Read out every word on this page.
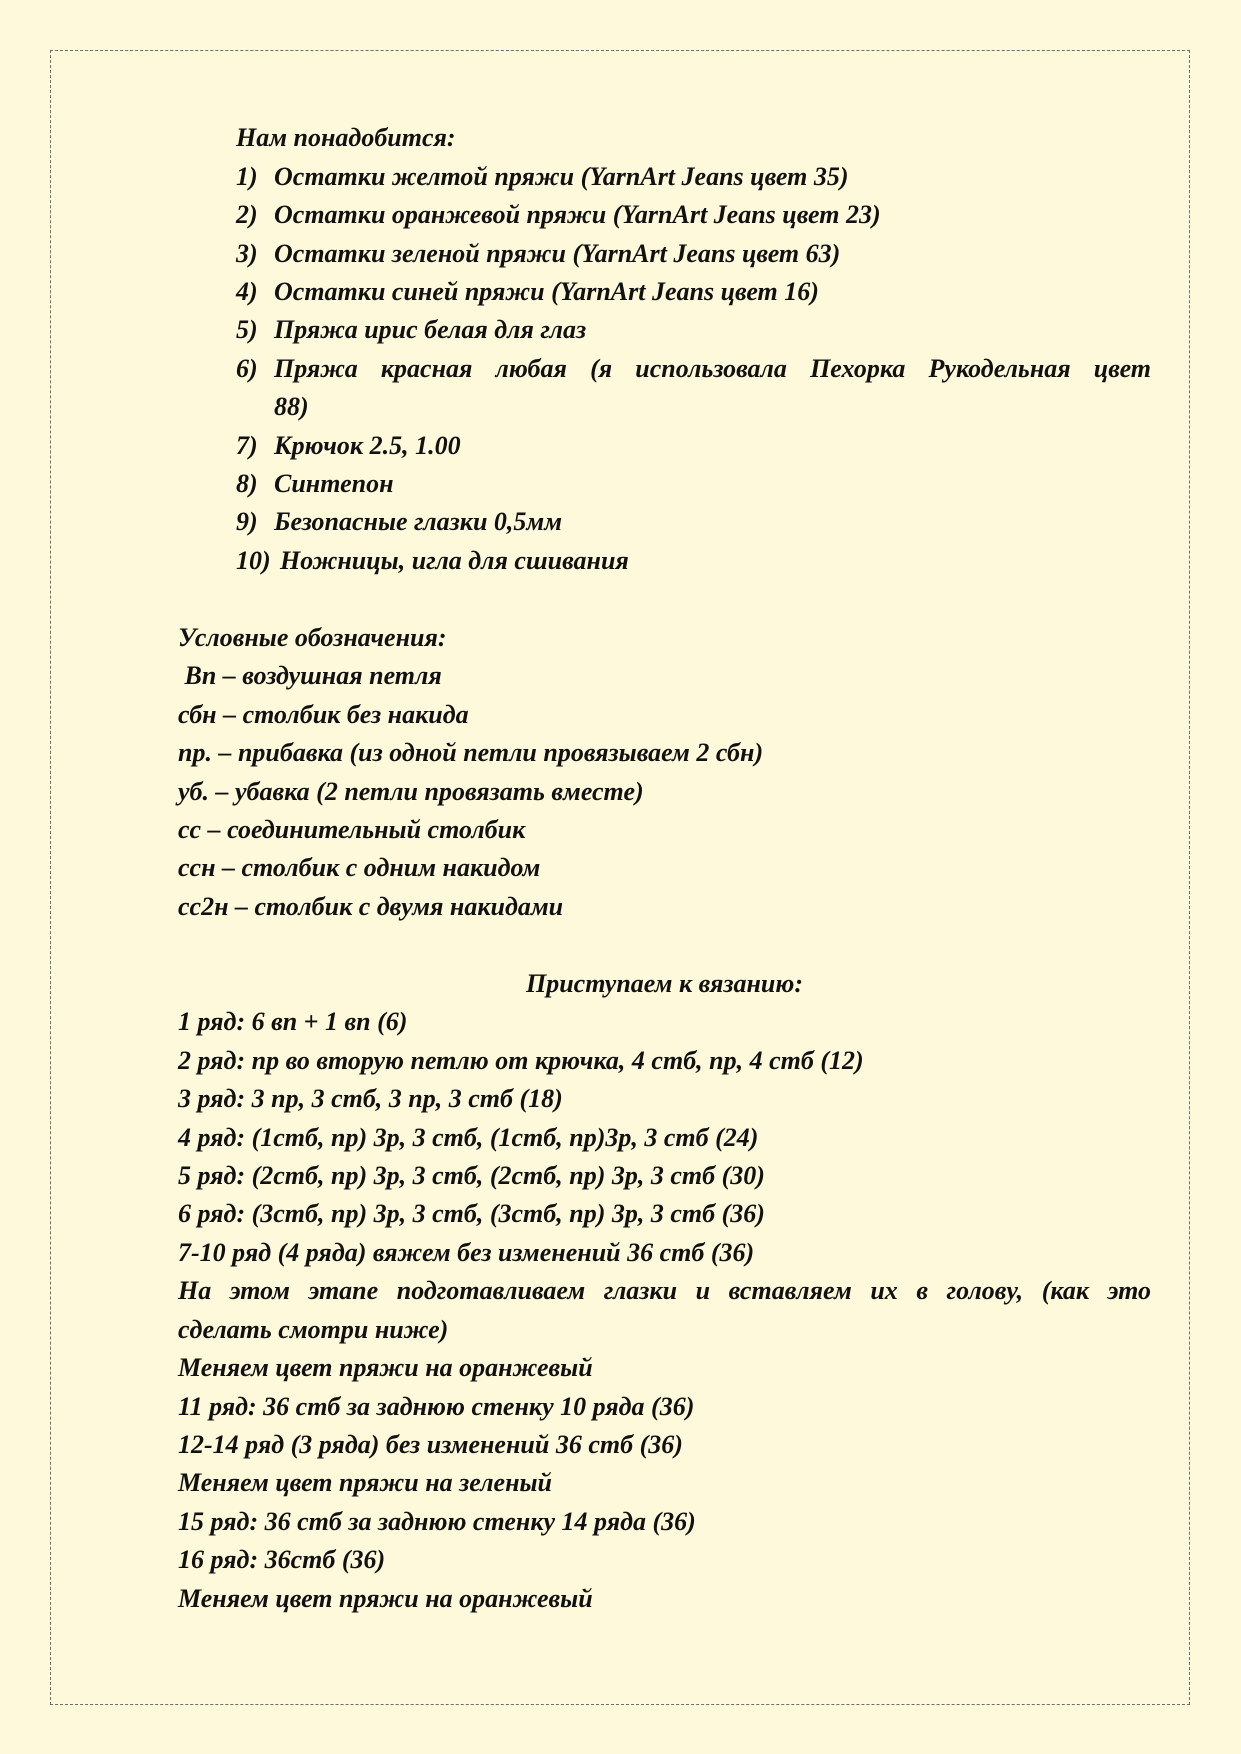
Нам понадобится:
1) Остатки желтой пряжи (YarnArt Jeans цвет 35)
2) Остатки оранжевой пряжи (YarnArt Jeans цвет 23)
3) Остатки зеленой пряжи (YarnArt Jeans цвет 63)
4) Остатки синей пряжи (YarnArt Jeans цвет 16)
5) Пряжа ирис белая для глаз
6) Пряжа красная любая (я использовала Пехорка Рукодельная цвет
88)
7) Крючок 2.5, 1.00
8) Синтепон
9) Безопасные глазки 0,5мм
10) Ножницы, игла для сшивания
Условные обозначения:
Вп – воздушная петля
сбн – столбик без накида
пр. – прибавка (из одной петли провязываем 2 сбн)
уб. – убавка (2 петли провязать вместе)
сс – соединительный столбик
ссн – столбик с одним накидом
сс2н – столбик с двумя накидами
Приступаем к вязанию:
1 ряд: 6 вп + 1 вп (6)
2 ряд: пр во вторую петлю от крючка, 4 стб, пр, 4 стб (12)
3 ряд: 3 пр, 3 стб, 3 пр, 3 стб (18)
4 ряд: (1стб, пр) 3р, 3 стб, (1стб, пр)3р, 3 стб (24)
5 ряд: (2стб, пр) 3р, 3 стб, (2стб, пр) 3р, 3 стб (30)
6 ряд: (3стб, пр) 3р, 3 стб, (3стб, пр) 3р, 3 стб (36)
7-10 ряд (4 ряда) вяжем без изменений 36 стб (36)
На этом этапе подготавливаем глазки и вставляем их в голову, (как это
сделать смотри ниже)
Меняем цвет пряжи на оранжевый
11 ряд: 36 стб за заднюю стенку 10 ряда (36)
12-14 ряд (3 ряда) без изменений 36 стб (36)
Меняем цвет пряжи на зеленый
15 ряд: 36 стб за заднюю стенку 14 ряда (36)
16 ряд: 36стб (36)
Меняем цвет пряжи на оранжевый
